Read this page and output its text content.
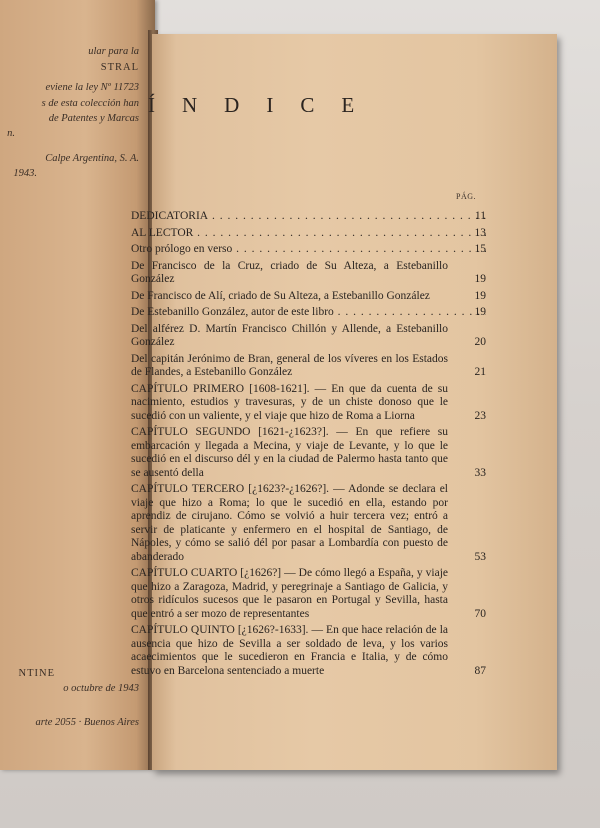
ular para la
STRAL
eviene la ley Nº 11723
s de esta colección han
de Patentes y Marcas
n.
Calpe Argentina, S. A.
1943.
NTINE
o octubre de 1943
arte 2055 · Buenos Aires
ÍNDICE
PÁG.
DEDICATORIA . . .	11
AL LECTOR . . .	13
Otro prólogo en verso . . .	15
De Francisco de la Cruz, criado de Su Alteza, a Estebanillo González	19
De Francisco de Alí, criado de Su Alteza, a Estebanillo González	19
De Estebanillo González, autor de este libro . . .	19
Del alférez D. Martín Francisco Chillón y Allende, a Estebanillo González	20
Del capitán Jerónimo de Bran, general de los víveres en los Estados de Flandes, a Estebanillo González	21
CAPÍTULO PRIMERO [1608-1621]. — En que da cuenta de su nacimiento, estudios y travesuras, y de un chiste donoso que le sucedió con un valiente, y el viaje que hizo de Roma a Liorna	23
CAPÍTULO SEGUNDO [1621-¿1623?]. — En que refiere su embarcación y llegada a Mecina, y viaje de Levante, y lo que le sucedió en el discurso dél y en la ciudad de Palermo hasta tanto que se ausentó della	33
CAPÍTULO TERCERO [¿1623?-¿1626?]. — Adonde se declara el viaje que hizo a Roma; lo que le sucedió en ella, estando por aprendiz de cirujano. Cómo se volvió a huir tercera vez; entró a servir de platicante y enfermero en el hospital de Santiago, de Nápoles, y cómo se salió dél por pasar a Lombardía con puesto de abanderado	53
CAPÍTULO CUARTO [¿1626?] — De cómo llegó a España, y viaje que hizo a Zaragoza, Madrid, y peregrinaje a Santiago de Galicia, y otros ridículos sucesos que le pasaron en Portugal y Sevilla, hasta que entró a ser mozo de representantes	70
CAPÍTULO QUINTO [¿1626?-1633]. — En que hace relación de la ausencia que hizo de Sevilla a ser soldado de leva, y los varios acaecimientos que le sucedieron en Francia e Italia, y de cómo estuvo en Barcelona sentenciado a muerte	87
